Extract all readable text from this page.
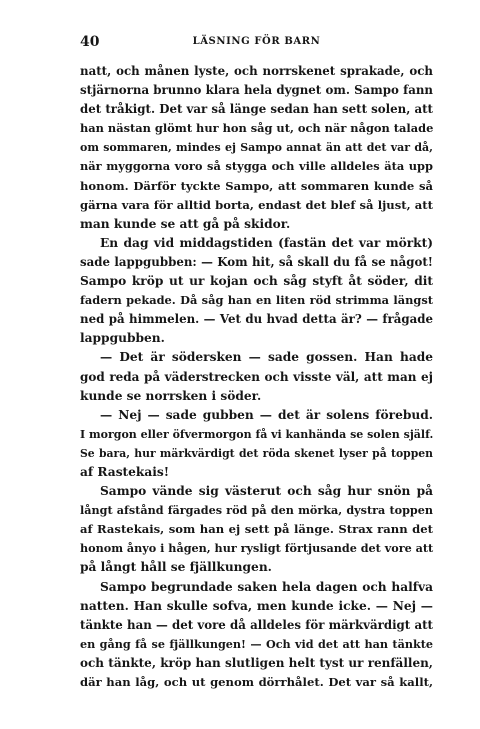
40	LÄSNING FÖR BARN
natt, och månen lyste, och norrskenet sprakade, och
stjärnorna brunno klara hela dygnet om. Sampo fann
det tråkigt. Det var så länge sedan han sett solen, att
han nästan glömt hur hon såg ut, och när någon talade
om sommaren, mindes ej Sampo annat än att det var då,
när myggorna voro så stygga och ville alldeles äta upp
honom. Därför tyckte Sampo, att sommaren kunde så
gärna vara för alltid borta, endast det blef så ljust, att
man kunde se att gå på skidor.
En dag vid middagstiden (fastän det var mörkt)
sade lappgubben: — Kom hit, så skall du få se något!
Sampo kröp ut ur kojan och såg styft åt söder, dit
fadern pekade. Då såg han en liten röd strimma längst
ned på himmelen. — Vet du hvad detta är? — frågade
lappgubben.
— Det är södersken — sade gossen. Han hade
god reda på väderstrecken och visste väl, att man ej
kunde se norrsken i söder.
— Nej — sade gubben — det är solens förebud.
I morgon eller öfvermorgon få vi kanhända se solen själf.
Se bara, hur märkvärdigt det röda skenet lyser på toppen
af Rastekais!
Sampo vände sig västerut och såg hur snön på
långt afstånd färgades röd på den mörka, dystra toppen
af Rastekais, som han ej sett på länge. Strax rann det
honom ånyo i hågen, hur rysligt förtjusande det vore att
på långt håll se fjällkungen.
Sampo begrundade saken hela dagen och halfva
natten. Han skulle sofva, men kunde icke. — Nej —
tänkte han — det vore då alldeles för märkvärdigt att
en gång få se fjällkungen! — Och vid det att han tänkte
och tänkte, kröp han slutligen helt tyst ur renfällen,
där han låg, och ut genom dörrhålet. Det var så kallt,
